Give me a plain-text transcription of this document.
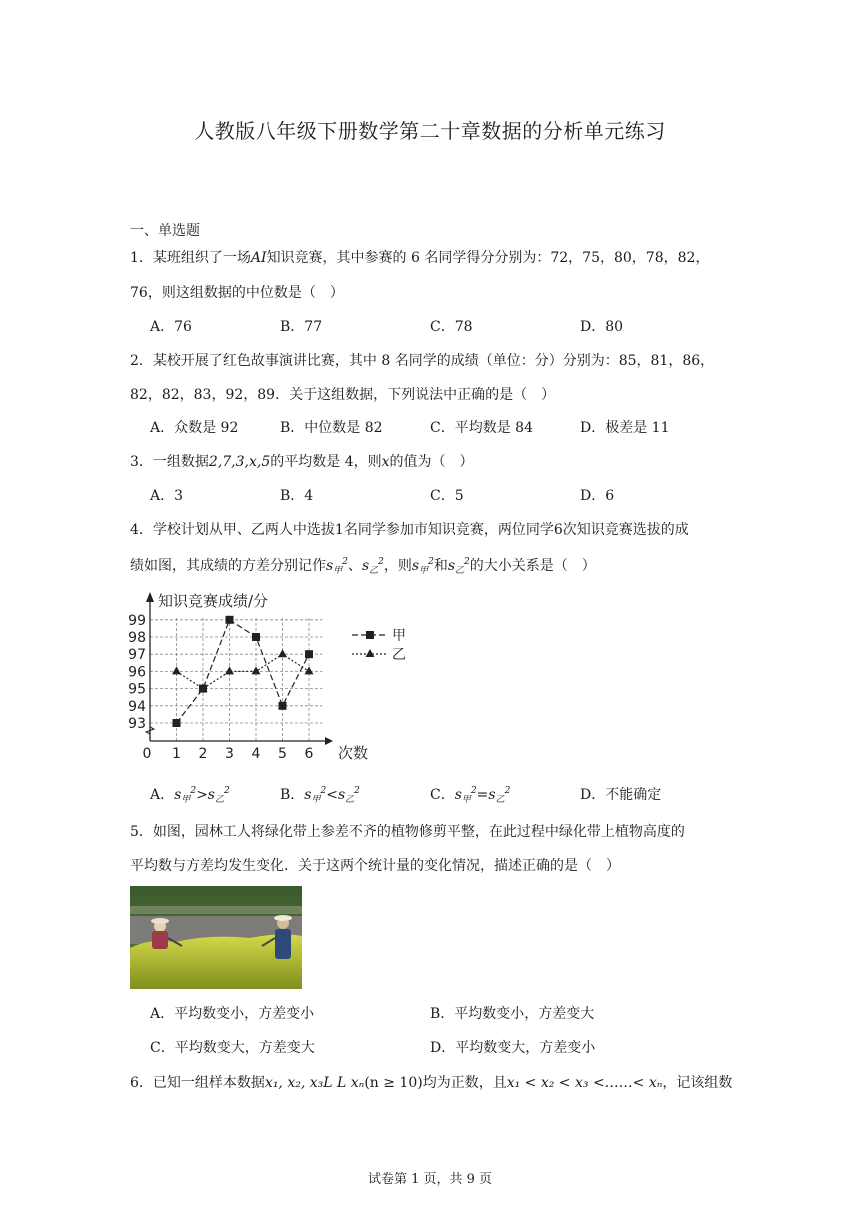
人教版八年级下册数学第二十章数据的分析单元练习
一、单选题
1．某班组织了一场AI知识竞赛，其中参赛的 6 名同学得分分别为：72，75，80，78，82，
76，则这组数据的中位数是（　）
A．76	B．77	C．78	D．80
2．某校开展了红色故事演讲比赛，其中 8 名同学的成绩（单位：分）分别为：85，81，86，
82，82，83，92，89．关于这组数据，下列说法中正确的是（　）
A．众数是 92	B．中位数是 82	C．平均数是 84	D．极差是 11
3．一组数据2,7,3,x,5的平均数是 4，则x的值为（　）
A．3	B．4	C．5	D．6
4．学校计划从甲、乙两人中选拔1名同学参加市知识竞赛，两位同学6次知识竞赛选拔的成
绩如图，其成绩的方差分别记作$s_甲^2$、$s_乙^2$，则$s_甲^2$和$s_乙^2$的大小关系是（　）
93
94
95
96
97
98
99
0 1 2 3 4 5 6
知识竞赛成绩/分
次数
甲
乙
A．$s_甲^2>s_乙^2$	B．$s_甲^2<s_乙^2$	C．$s_甲^2=s_乙^2$	D．不能确定
5．如图，园林工人将绿化带上参差不齐的植物修剪平整，在此过程中绿化带上植物高度的
平均数与方差均发生变化．关于这两个统计量的变化情况，描述正确的是（　）
A．平均数变小，方差变小	B．平均数变小，方差变大
C．平均数变大，方差变大	D．平均数变大，方差变小
6．已知一组样本数据x₁, x₂, x₃L L xₙ(n ≥ 10)均为正数，且x₁ < x₂ < x₃ <……< xₙ，记该组数
试卷第 1 页，共 9 页
